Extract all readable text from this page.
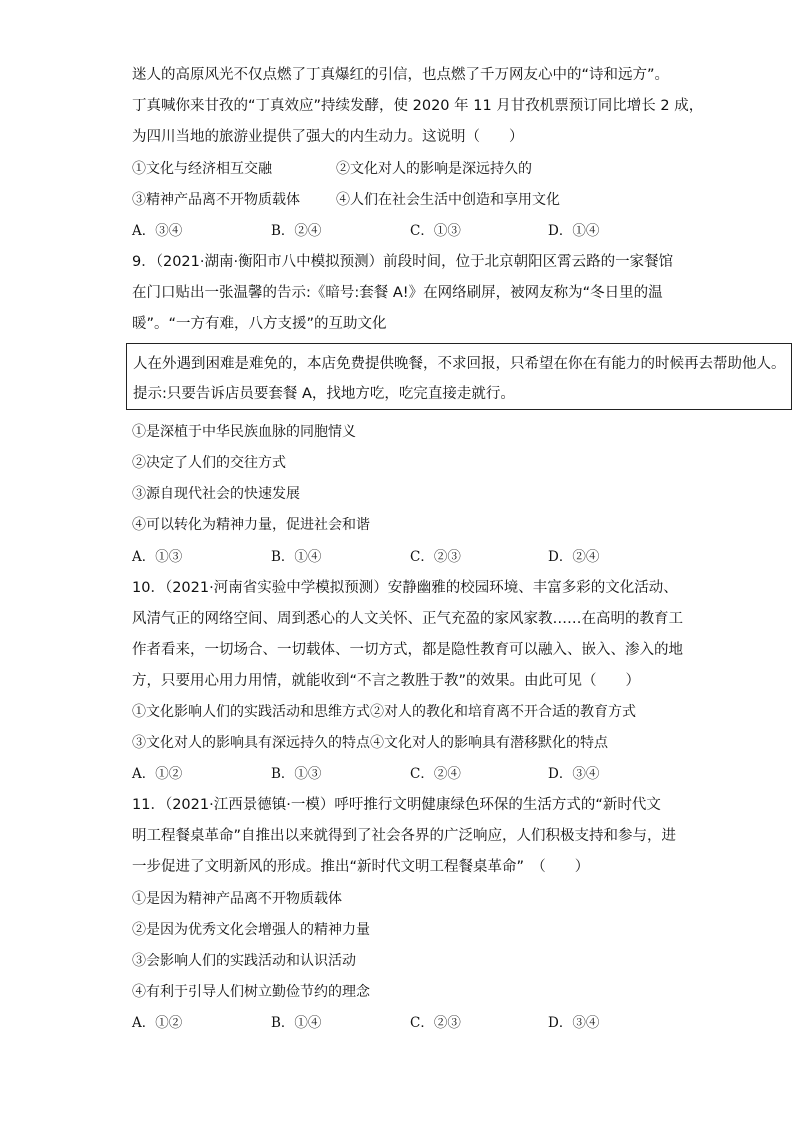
迷人的高原风光不仅点燃了丁真爆红的引信，也点燃了千万网友心中的“诗和远方”。
丁真喊你来甘孜的“丁真效应”持续发酵，使 2020 年 11 月甘孜机票预订同比增长 2 成，
为四川当地的旅游业提供了强大的内生动力。这说明（　　）
①文化与经济相互交融	②文化对人的影响是深远持久的
③精神产品离不开物质载体	④人们在社会生活中创造和享用文化
A．③④	B．②④	C．①③	D．①④
9．（2021·湖南·衡阳市八中模拟预测）前段时间，位于北京朝阳区霄云路的一家餐馆
在门口贴出一张温馨的告示:《暗号:套餐 A!》在网络刷屏，被网友称为“冬日里的温
暖”。“一方有难，八方支援”的互助文化
人在外遇到困难是难免的，本店免费提供晚餐，不求回报，只希望在你在有能力的时候再去帮助他人。
提示:只要告诉店员要套餐 A，找地方吃，吃完直接走就行。
①是深植于中华民族血脉的同胞情义
②决定了人们的交往方式
③源自现代社会的快速发展
④可以转化为精神力量，促进社会和谐
A．①③	B．①④	C．②③	D．②④
10．（2021·河南省实验中学模拟预测）安静幽雅的校园环境、丰富多彩的文化活动、
风清气正的网络空间、周到悉心的人文关怀、正气充盈的家风家教……在高明的教育工
作者看来，一切场合、一切载体、一切方式，都是隐性教育可以融入、嵌入、渗入的地
方，只要用心用力用情，就能收到“不言之教胜于教”的效果。由此可见（　　）
①文化影响人们的实践活动和思维方式②对人的教化和培育离不开合适的教育方式
③文化对人的影响具有深远持久的特点④文化对人的影响具有潜移默化的特点
A．①②	B．①③	C．②④	D．③④
11．（2021·江西景德镇·一模）呼吁推行文明健康绿色环保的生活方式的“新时代文
明工程餐桌革命”自推出以来就得到了社会各界的广泛响应，人们积极支持和参与，进
一步促进了文明新风的形成。推出“新时代文明工程餐桌革命”　（　　）
①是因为精神产品离不开物质载体
②是因为优秀文化会增强人的精神力量
③会影响人们的实践活动和认识活动
④有利于引导人们树立勤俭节约的理念
A．①②	B．①④	C．②③	D．③④
